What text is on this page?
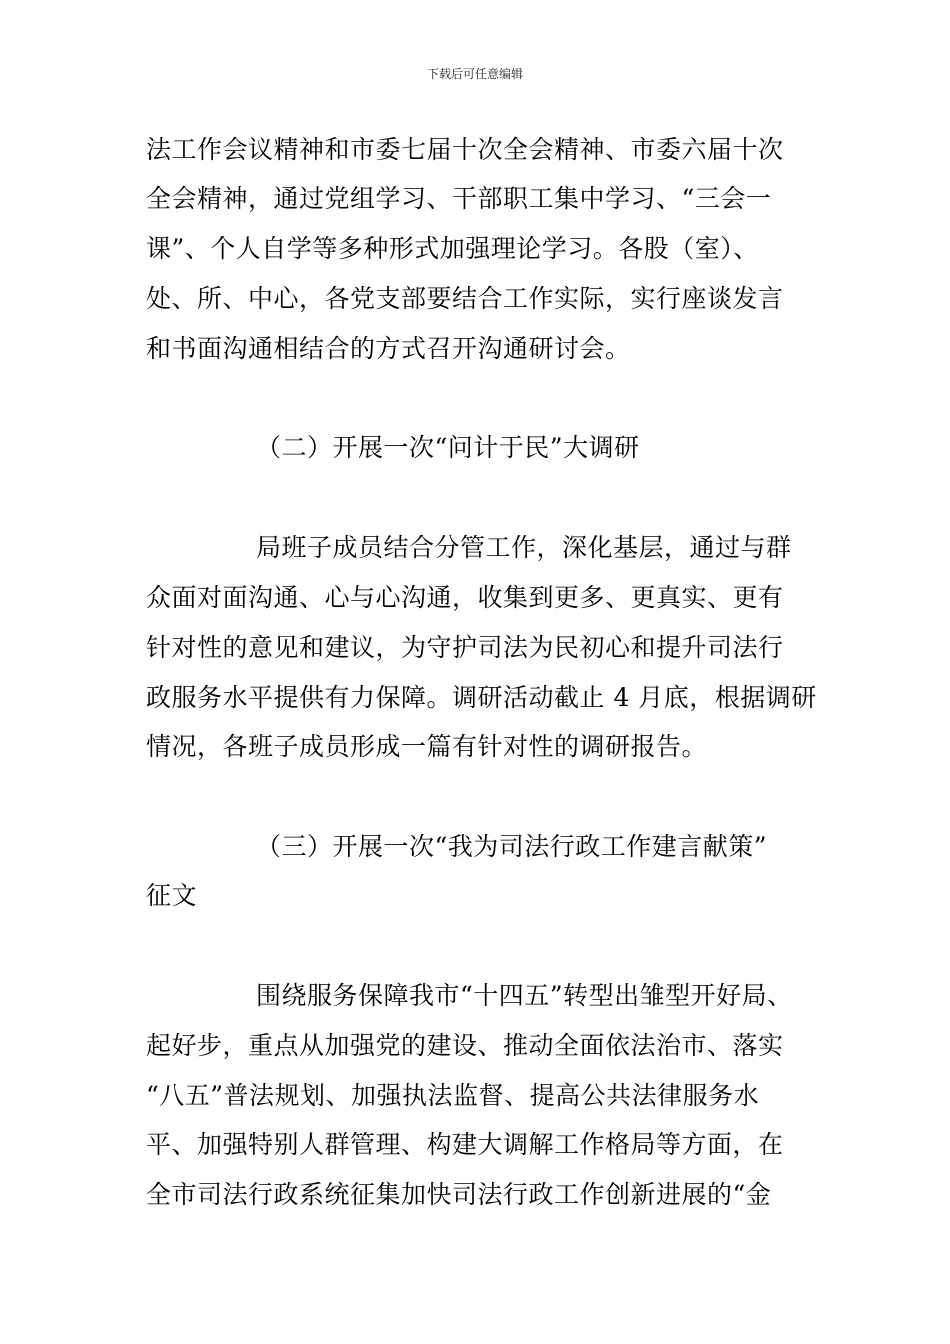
下载后可任意编辑
法工作会议精神和市委七届十次全会精神、市委六届十次
全会精神，通过党组学习、干部职工集中学习、“三会一
课”、个人自学等多种形式加强理论学习。各股（室）、
处、所、中心，各党支部要结合工作实际，实行座谈发言
和书面沟通相结合的方式召开沟通研讨会。
（二）开展一次“问计于民”大调研
局班子成员结合分管工作，深化基层，通过与群
众面对面沟通、心与心沟通，收集到更多、更真实、更有
针对性的意见和建议，为守护司法为民初心和提升司法行
政服务水平提供有力保障。调研活动截止 4 月底，根据调研
情况，各班子成员形成一篇有针对性的调研报告。
（三）开展一次“我为司法行政工作建言献策”
征文
围绕服务保障我市“十四五”转型出雏型开好局、
起好步，重点从加强党的建设、推动全面依法治市、落实
“八五”普法规划、加强执法监督、提高公共法律服务水
平、加强特别人群管理、构建大调解工作格局等方面，在
全市司法行政系统征集加快司法行政工作创新进展的“金
